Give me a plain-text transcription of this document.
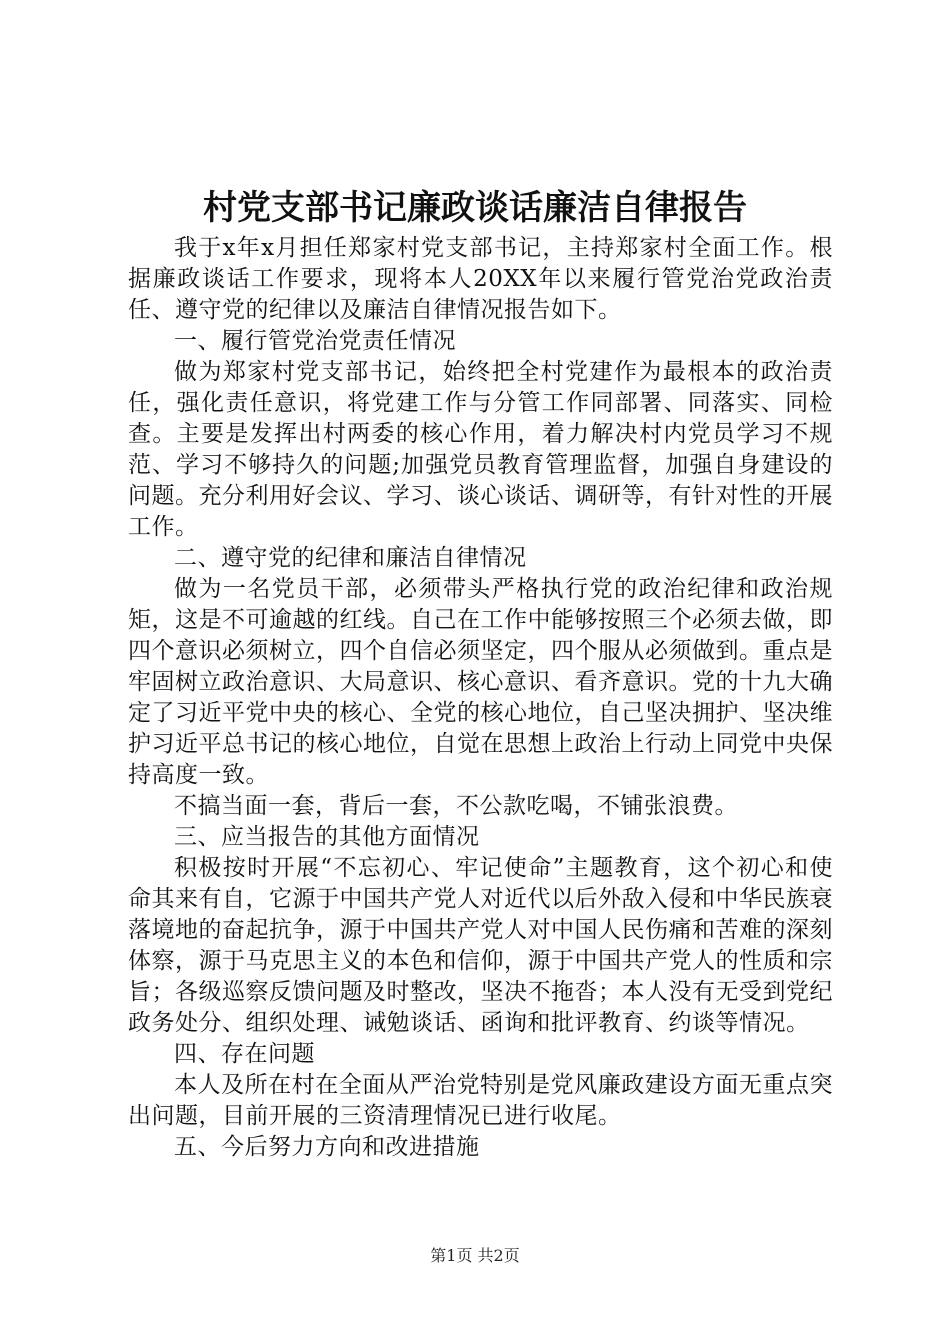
村党支部书记廉政谈话廉洁自律报告

我于x年x月担任郑家村党支部书记，主持郑家村全面工作。根据廉政谈话工作要求，现将本人20XX年以来履行管党治党政治责任、遵守党的纪律以及廉洁自律情况报告如下。

一、履行管党治党责任情况

做为郑家村党支部书记，始终把全村党建作为最根本的政治责任，强化责任意识，将党建工作与分管工作同部署、同落实、同检查。主要是发挥出村两委的核心作用，着力解决村内党员学习不规范、学习不够持久的问题;加强党员教育管理监督，加强自身建设的问题。充分利用好会议、学习、谈心谈话、调研等，有针对性的开展工作。

二、遵守党的纪律和廉洁自律情况

做为一名党员干部，必须带头严格执行党的政治纪律和政治规矩，这是不可逾越的红线。自己在工作中能够按照三个必须去做，即四个意识必须树立，四个自信必须坚定，四个服从必须做到。重点是牢固树立政治意识、大局意识、核心意识、看齐意识。党的十九大确定了习近平党中央的核心、全党的核心地位，自己坚决拥护、坚决维护习近平总书记的核心地位，自觉在思想上政治上行动上同党中央保持高度一致。

不搞当面一套，背后一套，不公款吃喝，不铺张浪费。

三、应当报告的其他方面情况

积极按时开展“不忘初心、牢记使命”主题教育，这个初心和使命其来有自，它源于中国共产党人对近代以后外敌入侵和中华民族衰落境地的奋起抗争，源于中国共产党人对中国人民伤痛和苦难的深刻体察，源于马克思主义的本色和信仰，源于中国共产党人的性质和宗旨；各级巡察反馈问题及时整改，坚决不拖沓；本人没有无受到党纪政务处分、组织处理、诫勉谈话、函询和批评教育、约谈等情况。

四、存在问题

本人及所在村在全面从严治党特别是党风廉政建设方面无重点突出问题，目前开展的三资清理情况已进行收尾。

五、今后努力方向和改进措施

第1页 共2页
